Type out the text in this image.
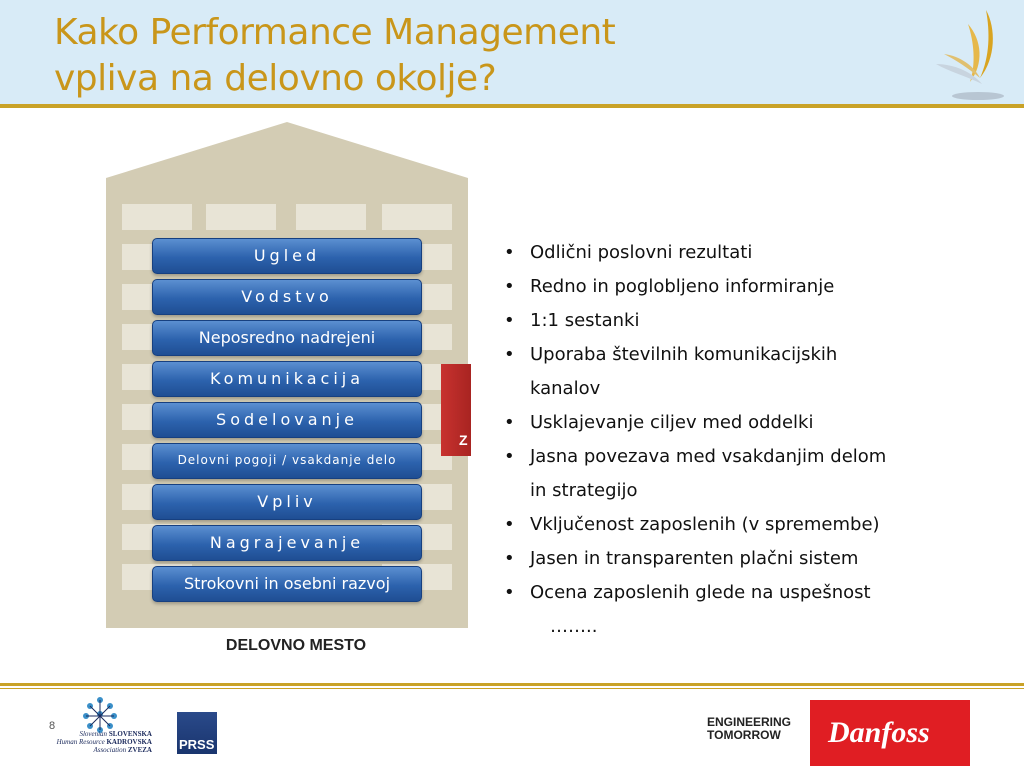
Kako Performance Management
vpliva na delovno okolje?
Ugled
Vodstvo
Neposredno nadrejeni
Komunikacija
Sodelovanje
Delovni pogoji / vsakdanje delo
Vpliv
Nagrajevanje
Strokovni in osebni razvoj
Z
DELOVNO MESTO
• Odlični poslovni rezultati
• Redno in poglobljeno informiranje
• 1:1 sestanki
• Uporaba številnih komunikacijskih
kanalov
• Usklajevanje ciljev med oddelki
• Jasna povezava med vsakdanjim delom
in strategijo
• Vključenost zaposlenih (v spremembe)
• Jasen in transparenten plačni sistem
• Ocena zaposlenih glede na uspešnost
……..
8
Slovenian SLOVENSKA
Human Resource KADROVSKA
Association ZVEZA PRSS
ENGINEERING
TOMORROW	Danfoss
